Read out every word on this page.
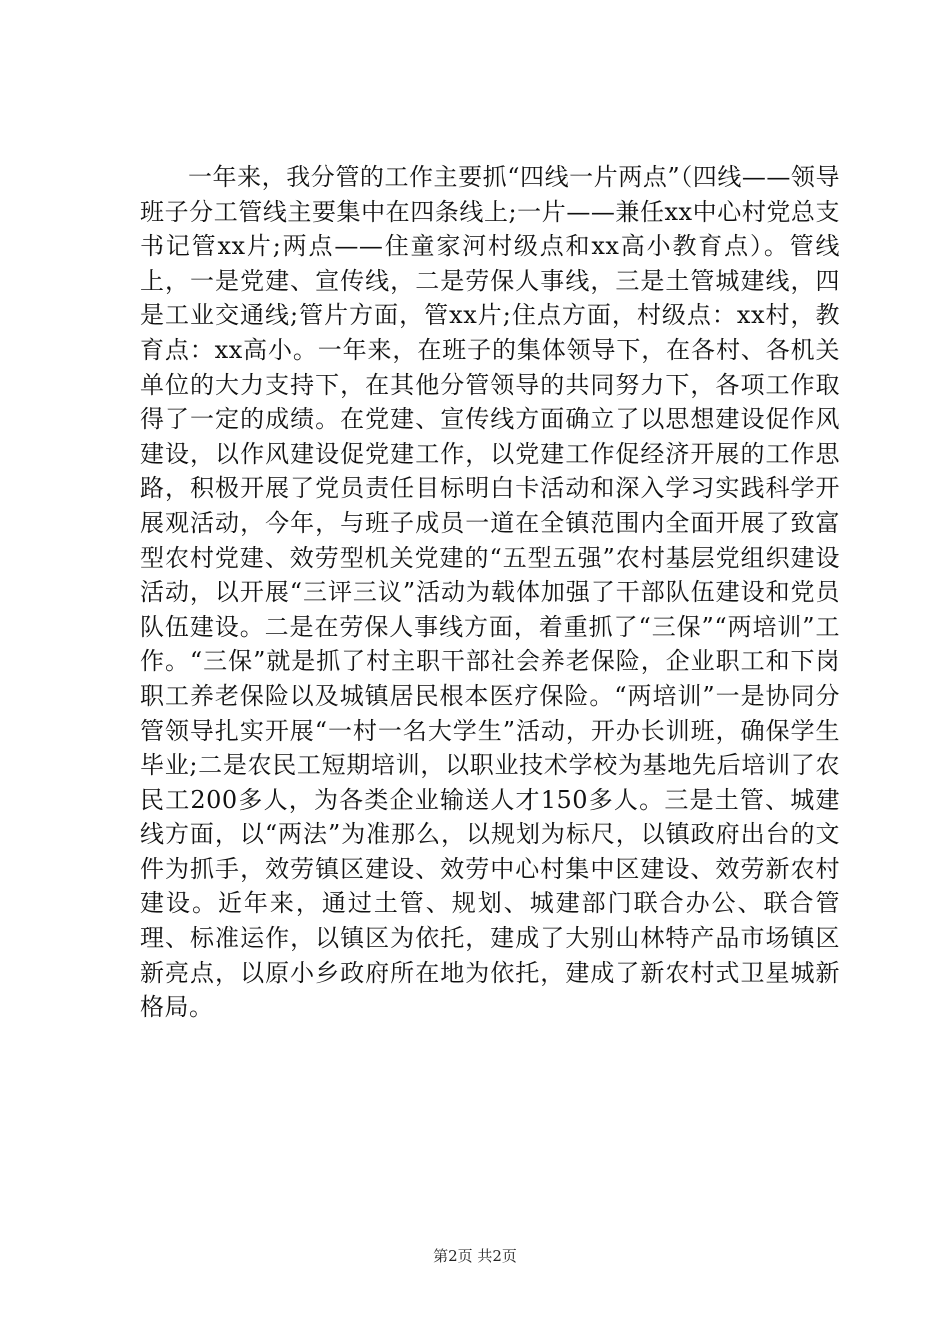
一年来，我分管的工作主要抓“四线一片两点”（四线——领导班子分工管线主要集中在四条线上;一片——兼任xx中心村党总支书记管xx片;两点——住童家河村级点和xx高小教育点）。管线上，一是党建、宣传线，二是劳保人事线，三是土管城建线，四是工业交通线;管片方面，管xx片;住点方面，村级点：xx村，教育点：xx高小。一年来，在班子的集体领导下，在各村、各机关单位的大力支持下，在其他分管领导的共同努力下，各项工作取得了一定的成绩。在党建、宣传线方面确立了以思想建设促作风建设，以作风建设促党建工作，以党建工作促经济开展的工作思路，积极开展了党员责任目标明白卡活动和深入学习实践科学开展观活动，今年，与班子成员一道在全镇范围内全面开展了致富型农村党建、效劳型机关党建的“五型五强”农村基层党组织建设活动，以开展“三评三议”活动为载体加强了干部队伍建设和党员队伍建设。二是在劳保人事线方面，着重抓了“三保”“两培训”工作。“三保”就是抓了村主职干部社会养老保险，企业职工和下岗职工养老保险以及城镇居民根本医疗保险。“两培训”一是协同分管领导扎实开展“一村一名大学生”活动，开办长训班，确保学生毕业;二是农民工短期培训，以职业技术学校为基地先后培训了农民工200多人，为各类企业输送人才150多人。三是土管、城建线方面，以“两法”为准那么，以规划为标尺，以镇政府出台的文件为抓手，效劳镇区建设、效劳中心村集中区建设、效劳新农村建设。近年来，通过土管、规划、城建部门联合办公、联合管理、标准运作，以镇区为依托，建成了大别山林特产品市场镇区新亮点，以原小乡政府所在地为依托，建成了新农村式卫星城新格局。

第2页 共2页
